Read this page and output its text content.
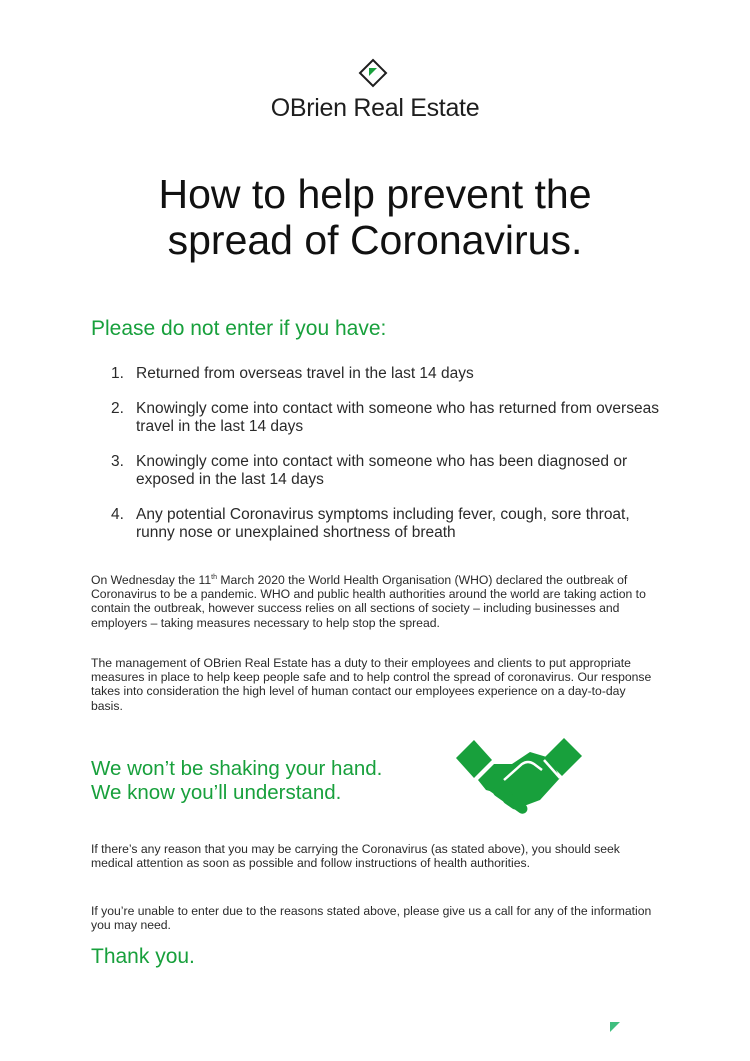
OBrien Real Estate
How to help prevent the
spread of Coronavirus.
Please do not enter if you have:
1. Returned from overseas travel in the last 14 days
2. Knowingly come into contact with someone who has returned from overseas travel in the last 14 days
3. Knowingly come into contact with someone who has been diagnosed or exposed in the last 14 days
4. Any potential Coronavirus symptoms including fever, cough, sore throat, runny nose or unexplained shortness of breath
On Wednesday the 11th March 2020 the World Health Organisation (WHO) declared the outbreak of Coronavirus to be a pandemic. WHO and public health authorities around the world are taking action to contain the outbreak, however success relies on all sections of society – including businesses and employers – taking measures necessary to help stop the spread.
The management of OBrien Real Estate has a duty to their employees and clients to put appropriate measures in place to help keep people safe and to help control the spread of coronavirus. Our response takes into consideration the high level of human contact our employees experience on a day-to-day basis.
We won’t be shaking your hand.
We know you’ll understand.
If there’s any reason that you may be carrying the Coronavirus (as stated above), you should seek medical attention as soon as possible and follow instructions of health authorities.
If you’re unable to enter due to the reasons stated above, please give us a call for any of the information you may need.
Thank you.
